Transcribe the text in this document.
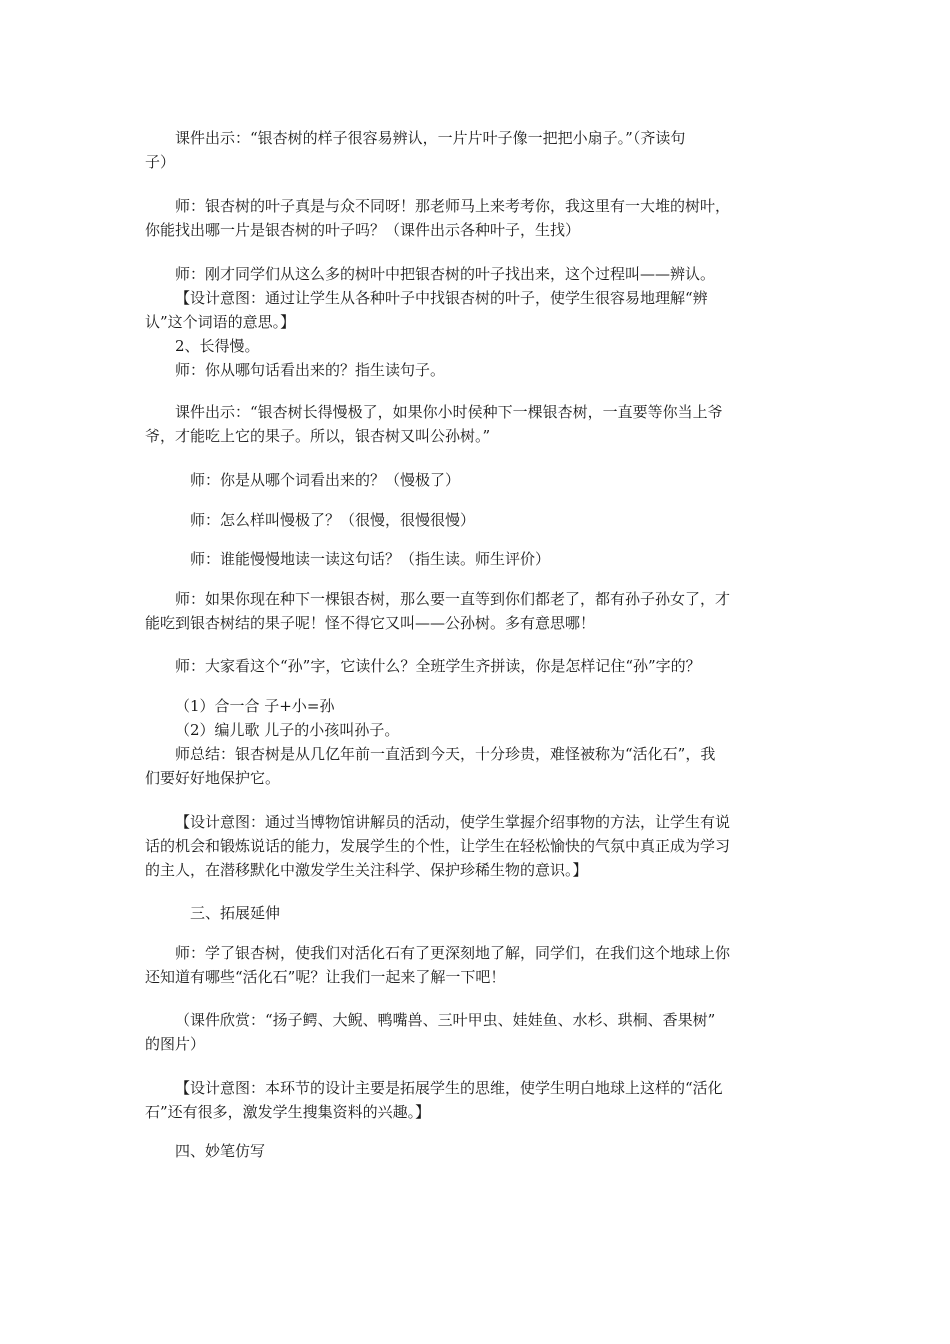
课件出示：“银杏树的样子很容易辨认，一片片叶子像一把把小扇子。”（齐读句
子）
师：银杏树的叶子真是与众不同呀！那老师马上来考考你，我这里有一大堆的树叶，
你能找出哪一片是银杏树的叶子吗？（课件出示各种叶子，生找）
师：刚才同学们从这么多的树叶中把银杏树的叶子找出来，这个过程叫——辨认。
【设计意图：通过让学生从各种叶子中找银杏树的叶子，使学生很容易地理解“辨
认”这个词语的意思。】
2、长得慢。
师：你从哪句话看出来的？指生读句子。
课件出示：“银杏树长得慢极了，如果你小时侯种下一棵银杏树，一直要等你当上爷
爷，才能吃上它的果子。所以，银杏树又叫公孙树。”
师：你是从哪个词看出来的？（慢极了）
师：怎么样叫慢极了？（很慢，很慢很慢）
师：谁能慢慢地读一读这句话？（指生读。师生评价）
师：如果你现在种下一棵银杏树，那么要一直等到你们都老了，都有孙子孙女了，才
能吃到银杏树结的果子呢！怪不得它又叫——公孙树。多有意思哪！
师：大家看这个“孙”字，它读什么？全班学生齐拼读，你是怎样记住“孙”字的？
（1）合一合 子+小=孙
（2）编儿歌 儿子的小孩叫孙子。
师总结：银杏树是从几亿年前一直活到今天，十分珍贵，难怪被称为“活化石”，我
们要好好地保护它。
【设计意图：通过当博物馆讲解员的活动，使学生掌握介绍事物的方法，让学生有说
话的机会和锻炼说话的能力，发展学生的个性，让学生在轻松愉快的气氛中真正成为学习
的主人，在潜移默化中激发学生关注科学、保护珍稀生物的意识。】
三、拓展延伸
师：学了银杏树，使我们对活化石有了更深刻地了解，同学们，在我们这个地球上你
还知道有哪些“活化石”呢？让我们一起来了解一下吧！
（课件欣赏：“扬子鳄、大鲵、鸭嘴兽、三叶甲虫、娃娃鱼、水杉、珙桐、香果树”
的图片）
【设计意图：本环节的设计主要是拓展学生的思维，使学生明白地球上这样的“活化
石”还有很多，激发学生搜集资料的兴趣。】
四、妙笔仿写
